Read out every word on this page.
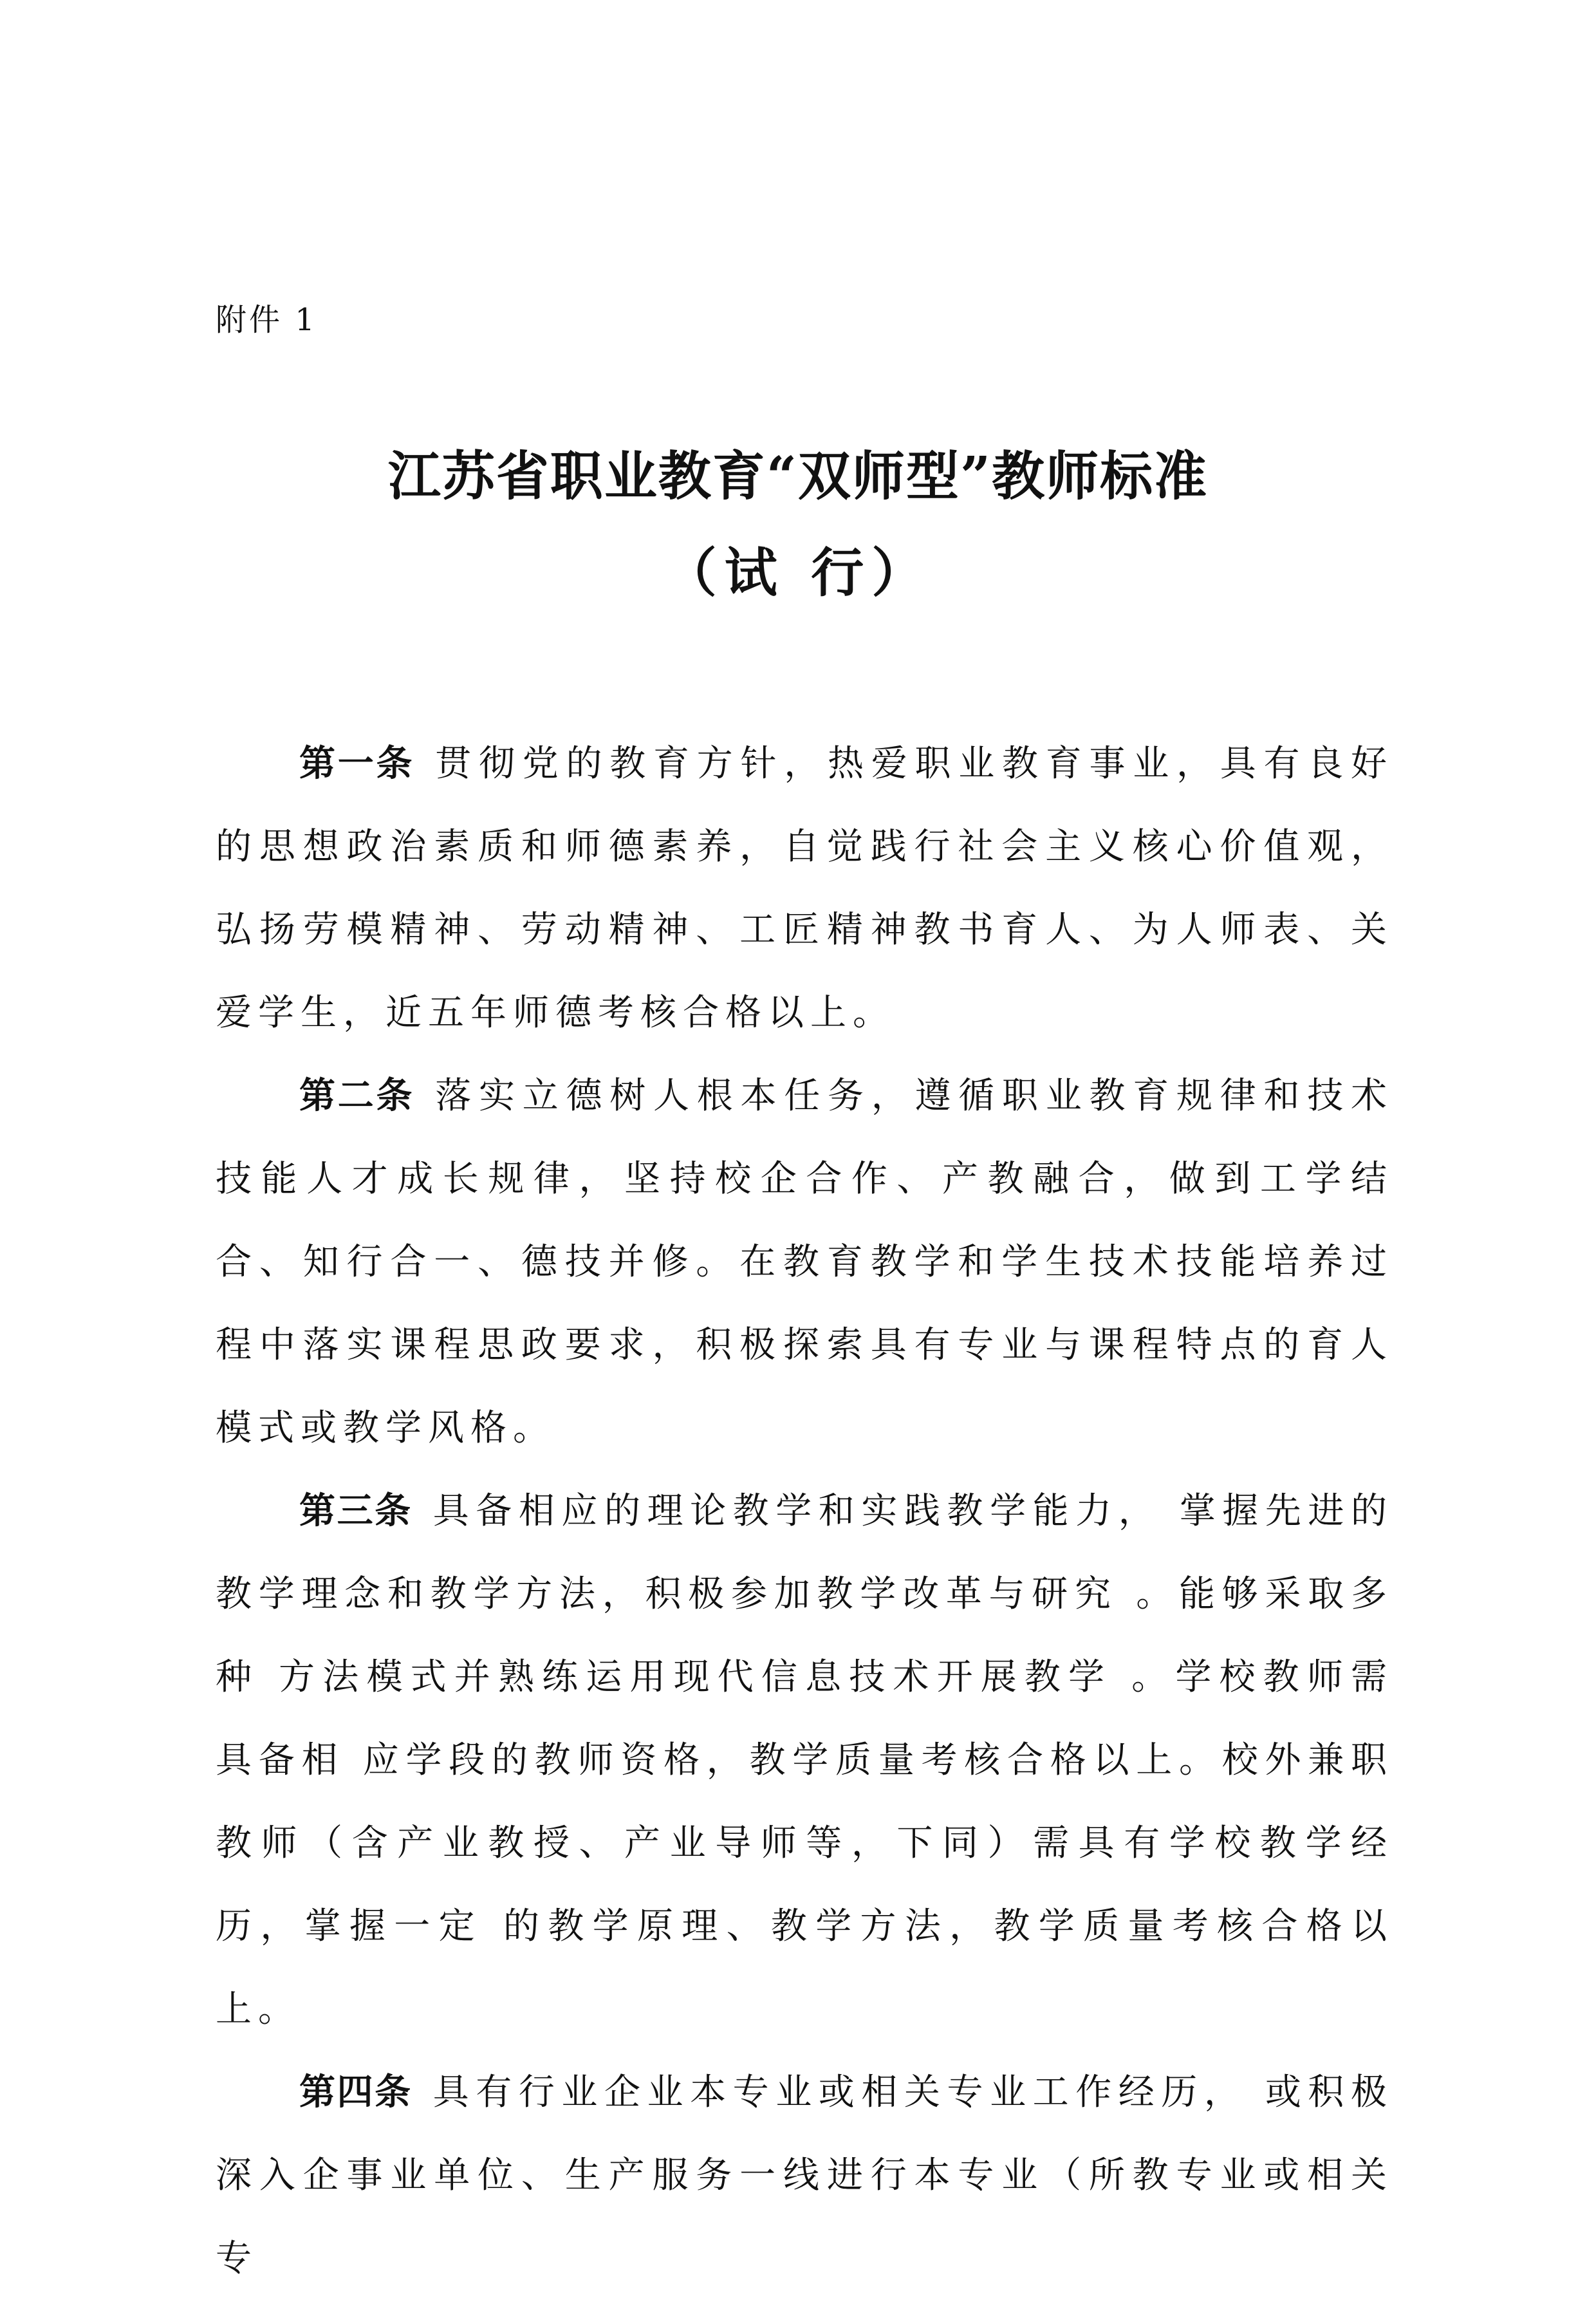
附件 1

江苏省职业教育“双师型”教师标准
（试 行）

第一条 贯彻党的教育方针，热爱职业教育事业，具有良好的思想政治素质和师德素养，自觉践行社会主义核心价值观，弘扬劳模精神、劳动精神、工匠精神教书育人、为人师表、关爱学生，近五年师德考核合格以上。

第二条 落实立德树人根本任务，遵循职业教育规律和技术技能人才成长规律，坚持校企合作、产教融合，做到工学结合、知行合一、德技并修。在教育教学和学生技术技能培养过程中落实课程思政要求，积极探索具有专业与课程特点的育人模式或教学风格。

第三条 具备相应的理论教学和实践教学能力， 掌握先进的教学理念和教学方法，积极参加教学改革与研究 。能够采取多种 方法模式并熟练运用现代信息技术开展教学 。学校教师需具备相 应学段的教师资格，教学质量考核合格以上。校外兼职教师（含产业教授、产业导师等，下同）需具有学校教学经历，掌握一定 的教学原理、教学方法，教学质量考核合格以上。

第四条 具有行业企业本专业或相关专业工作经历， 或积极深入企事业单位、生产服务一线进行本专业（所教专业或相关专
